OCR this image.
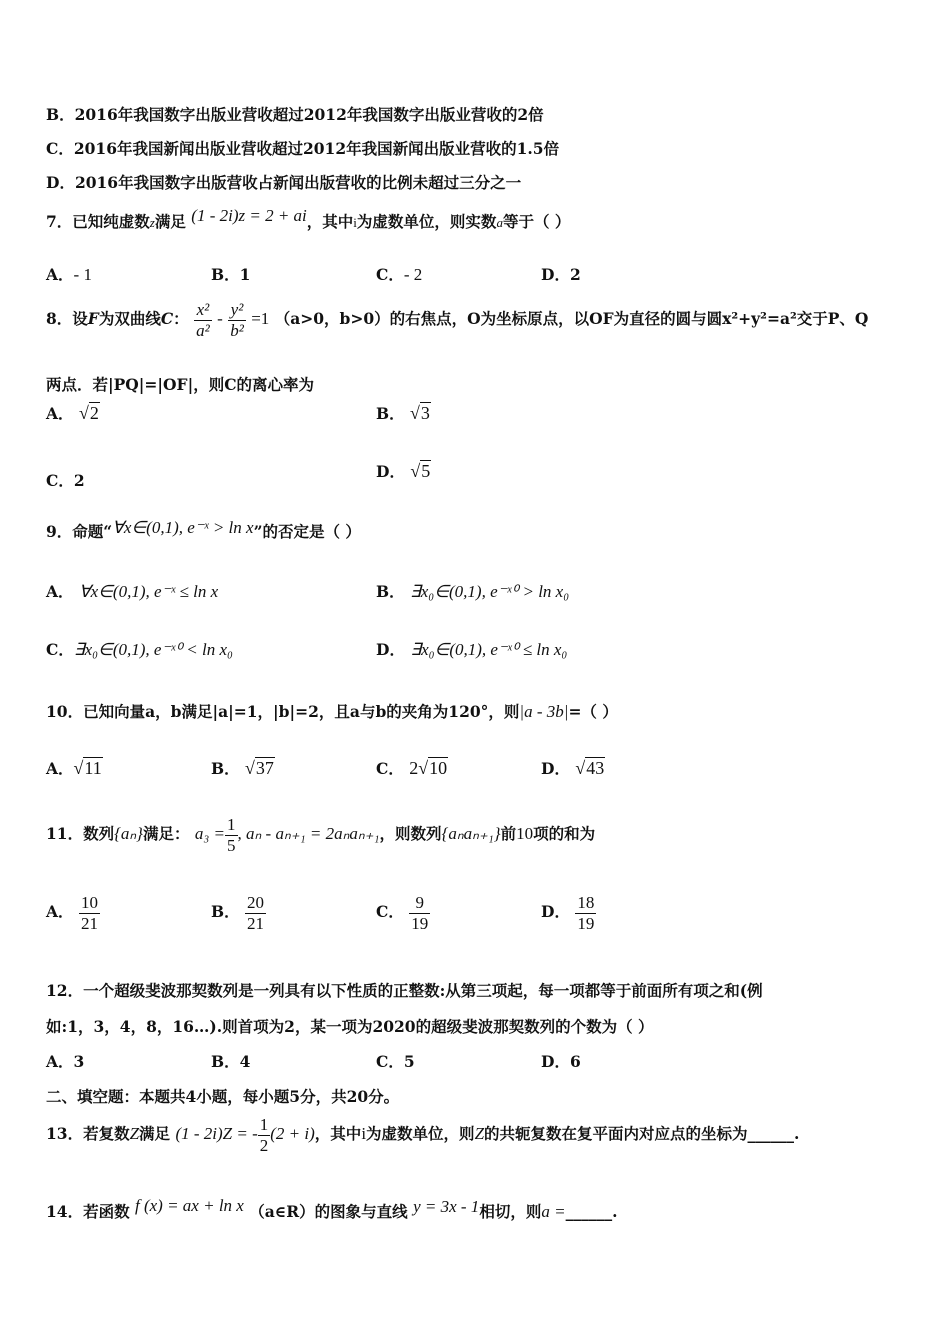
B．2016年我国数字出版业营收超过2012年我国数字出版业营收的2倍
C．2016年我国新闻出版业营收超过2012年我国新闻出版业营收的1.5倍
D．2016年我国数字出版营收占新闻出版营收的比例未超过三分之一
7．已知纯虚数z满足 (1 - 2i)z = 2 + ai，其中i为虚数单位，则实数a等于（ ）
A．- 1	B．1	C．- 2	D．2
8．设F为双曲线C： $\frac{\text{x²}}{\text{a²}} - \frac{\text{y²}}{\text{b²}} =1$ （a>0，b>0）的右焦点，O为坐标原点，以OF为直径的圆与圆x²+y²=a²交于P、Q
两点．若|PQ|=|OF|，则C的离心率为
A． √2	B． √3
C．2	D． √5
9．命题“∀x∈(0,1), e⁻ˣ > ln x”的否定是（ ）
A． ∀x∈(0,1), e⁻ˣ ≤ ln x	B． ∃x₀∈(0,1), e⁻ˣ⁰ > ln x₀
C．∃x₀∈(0,1), e⁻ˣ⁰ < ln x₀	D． ∃x₀∈(0,1), e⁻ˣ⁰ ≤ ln x₀
10．已知向量a，b满足|a|=1，|b|=2，且a与b的夹角为120°，则|a - 3b|=（ ）
A．√11	B． √37	C． 2√10	D． √43
11．数列{aₙ}满足： $a_3 = \frac{1}{5}$ , aₙ - aₙ₊₁ = 2aₙaₙ₊₁，则数列{aₙaₙ₊₁}前10项的和为
A． $\frac{10}{21}$	B． $\frac{20}{21}$	C． $\frac{9}{19}$	D． $\frac{18}{19}$
12．一个超级斐波那契数列是一列具有以下性质的正整数:从第三项起，每一项都等于前面所有项之和(例
如:1，3，4，8，16…).则首项为2，某一项为2020的超级斐波那契数列的个数为（ ）
A．3	B．4	C．5	D．6
二、填空题：本题共4小题，每小题5分，共20分。
13．若复数Z满足 (1 - 2i)Z = - $\frac{1}{2} (2 + i)$，其中i为虚数单位，则Z的共轭复数在复平面内对应点的坐标为______.
14．若函数 f (x) = ax + ln x （a∈R）的图象与直线 y = 3x - 1相切，则a =______.
